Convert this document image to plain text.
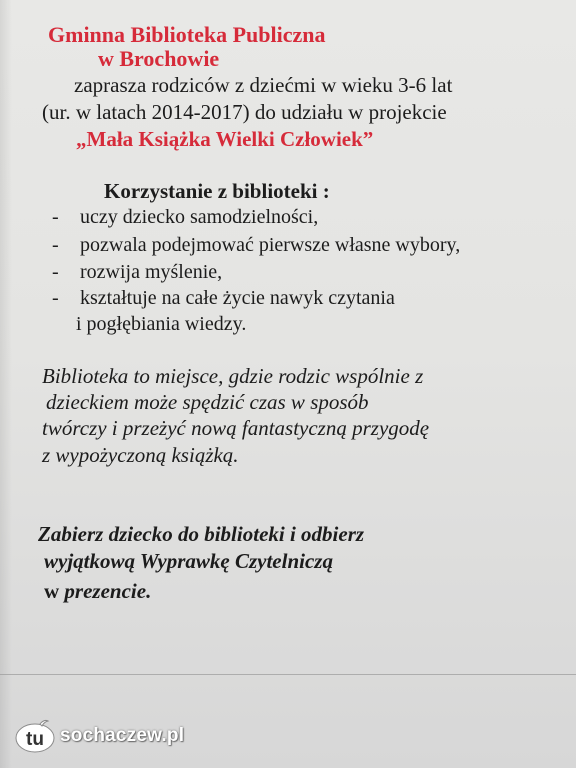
Gminna Biblioteka Publiczna
w Brochowie
zaprasza rodziców z dziećmi w wieku 3-6 lat
(ur. w latach 2014-2017) do udziału w projekcie
„Mała Książka Wielki Człowiek”
Korzystanie z biblioteki :
- uczy dziecko samodzielności,
- pozwala podejmować pierwsze własne wybory,
- rozwija myślenie,
- kształtuje na całe życie nawyk czytania
i pogłębiania wiedzy.
Biblioteka to miejsce, gdzie rodzic wspólnie z
dzieckiem może spędzić czas w sposób
twórczy i przeżyć nową fantastyczną przygodę
z wypożyczoną książką.
Zabierz dziecko do biblioteki i odbierz
wyjątkową Wyprawkę Czytelniczą
w prezencie.
tu sochaczew.pl
